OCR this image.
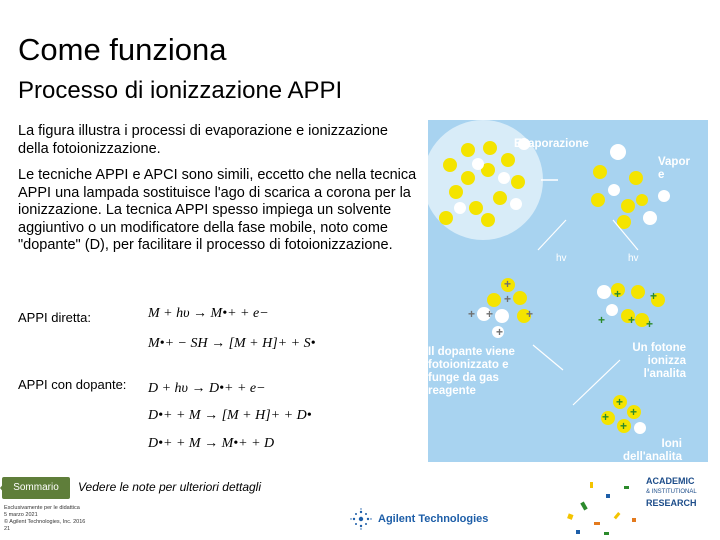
Come funziona
Processo di ionizzazione APPI
La figura illustra i processi di evaporazione e ionizzazione della fotoionizzazione.
Le tecniche APPI e APCI sono simili, eccetto che nella tecnica APPI una lampada sostituisce l'ago di scarica a corona per la ionizzazione. La tecnica APPI spesso impiega un solvente aggiuntivo o un modificatore della fase mobile, noto come "dopante" (D), per facilitare il processo di fotoionizzazione.
APPI diretta:
APPI con dopante:
M + hυ → M•+ + e−
M•+ − SH → [M + H]+ + S•
D + hυ → D•+ + e−
D•+ + M → [M + H]+ + D•
D•+ + M → M•+ + D
+
+
+ +	+
+
+ +
+ + +
+
+
+
+
Evaporazione
Vapor e
hv	hv
Il dopante viene fotoionizzato e funge da gas reagente
Un fotone ionizza l'analita
Ioni dell'analita
Sommario	Vedere le note per ulteriori dettagli
Esclusivamente per le didattica
5 marzo 2021
© Agilent Technologies, Inc. 2016
21
Agilent Technologies
ACADEMIC
& INSTITUTIONAL
RESEARCH
